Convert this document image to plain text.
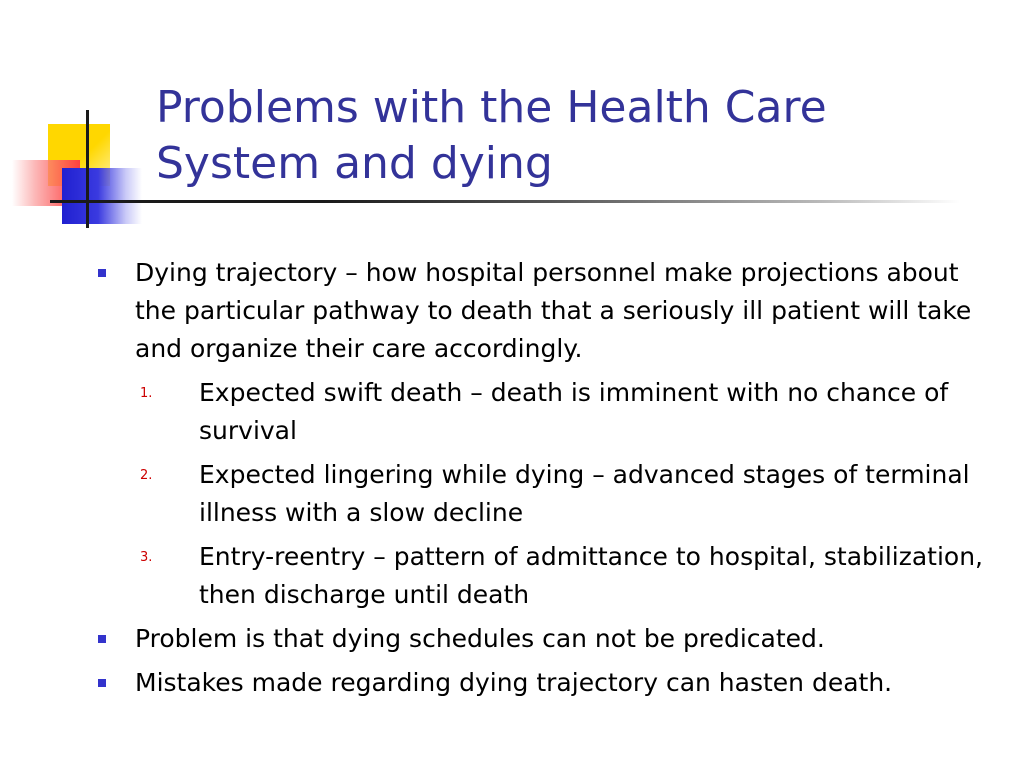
Problems with the Health Care System and dying
Dying trajectory – how hospital personnel make projections about the particular pathway to death that a seriously ill patient will take and organize their care accordingly.
1. Expected swift death – death is imminent with no chance of survival
2. Expected lingering while dying – advanced stages of terminal illness with a slow decline
3. Entry-reentry – pattern of admittance to hospital, stabilization, then discharge until death
Problem is that dying schedules can not be predicated.
Mistakes made regarding dying trajectory can hasten death.
